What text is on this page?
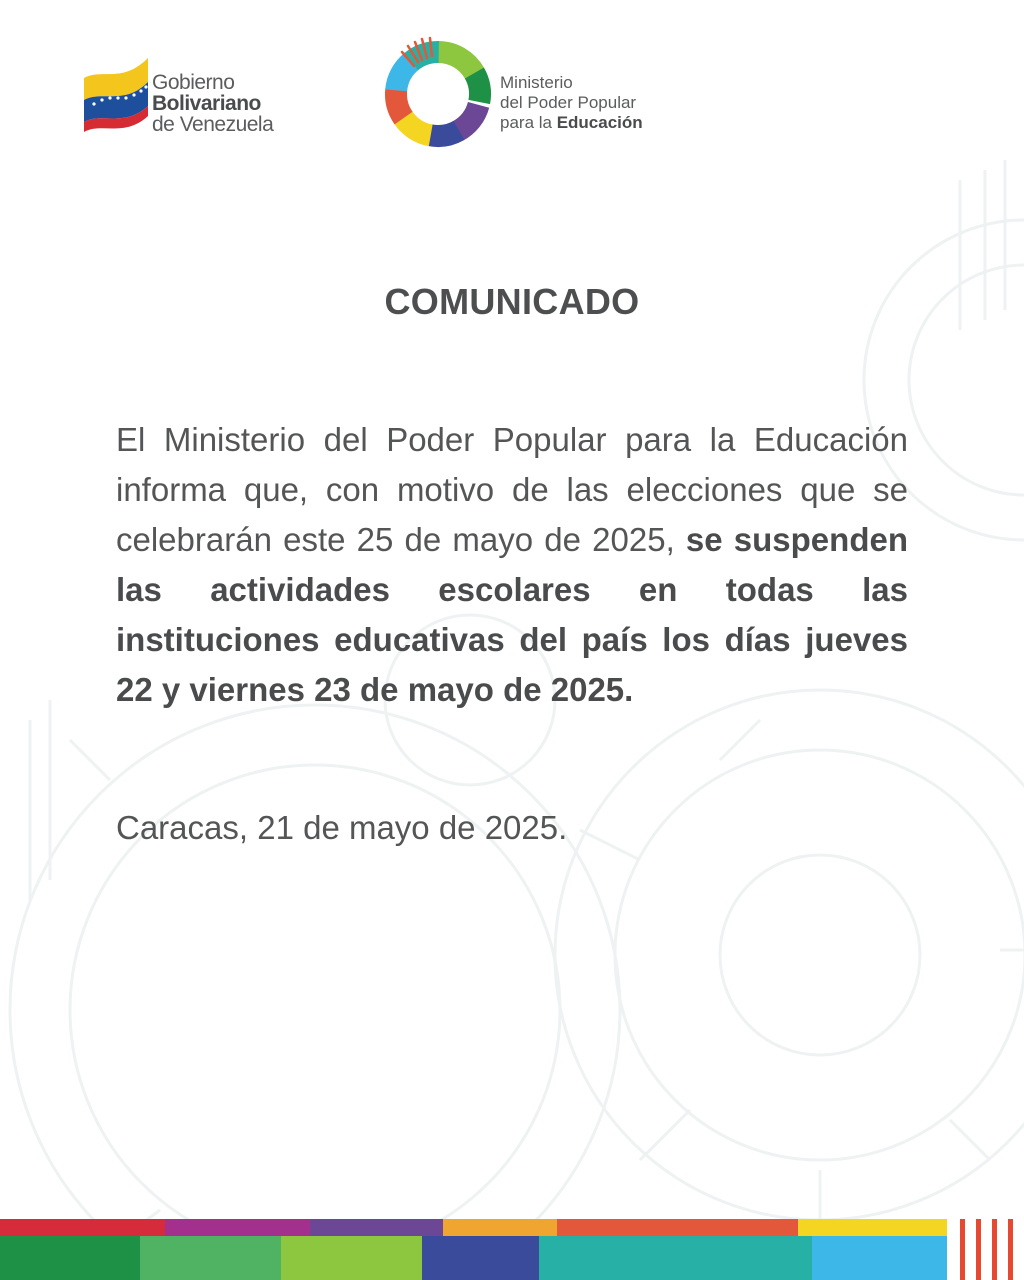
Gobierno
Bolivariano
de Venezuela
Ministerio
del Poder Popular
para la Educación
COMUNICADO

El Ministerio del Poder Popular para la Educación informa que, con motivo de las elecciones que se celebrarán este 25 de mayo de 2025, se suspenden las actividades escolares en todas las instituciones educativas del país los días jueves 22 y viernes 23 de mayo de 2025.

Caracas, 21 de mayo de 2025.
